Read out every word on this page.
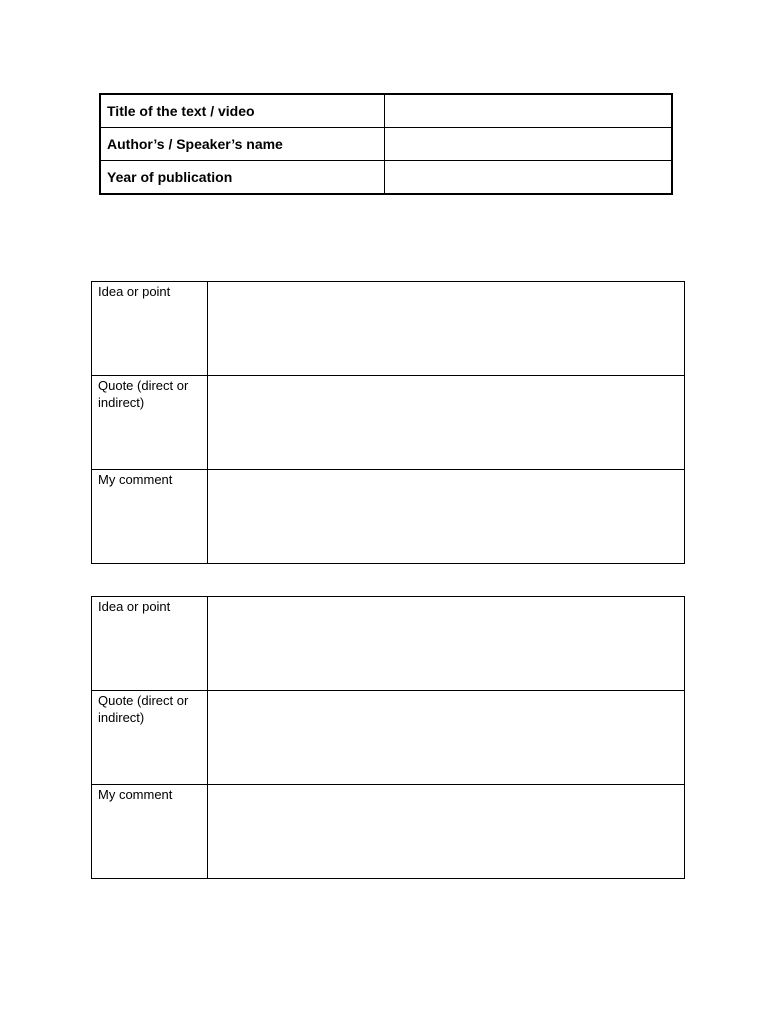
Title of the text / video	
Author’s / Speaker’s name	
Year of publication	
Idea or point	
Quote (direct or indirect)	
My comment	
Idea or point	
Quote (direct or indirect)	
My comment	
